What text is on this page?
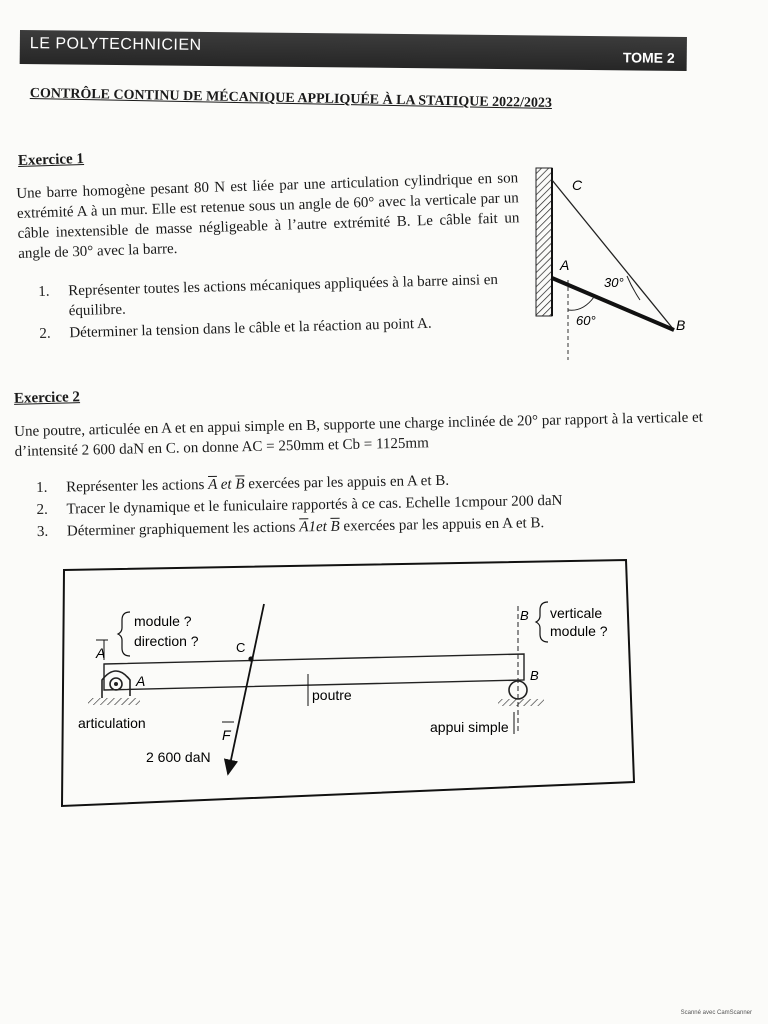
LE POLYTECHNICIEN
TOME 2
CONTRÔLE CONTINU DE MÉCANIQUE APPLIQUÉE À LA STATIQUE 2022/2023
Exercice 1
Une barre homogène pesant 80 N est liée par une articulation cylindrique en son extrémité A à un mur. Elle est retenue sous un angle de 60° avec la verticale par un câble inextensible de masse négligeable à l’autre extrémité B. Le câble fait un angle de 30° avec la barre.
1. Représenter toutes les actions mécaniques appliquées à la barre ainsi en équilibre.
2. Déterminer la tension dans le câble et la réaction au point A.
C
A
B
30°
60°
Exercice 2
Une poutre, articulée en A et en appui simple en B, supporte une charge inclinée de 20° par rapport à la verticale et d’intensité 2 600 daN en C. on donne AC = 250mm et Cb = 1125mm
1. Représenter les actions $\overline{A}$ et $\overline{B}$ exercées par les appuis en A et B.
2. Tracer le dynamique et le funiculaire rapportés à ce cas. Echelle 1cmpour 200 daN
3. Déterminer graphiquement les actions $\overline{A}1et$ $\overline{B}$ exercées par les appuis en A et B.
A
module ?
direction ?	C
A	B
B verticale
module ?
poutre
articulation	appui simple
F
2 600 daN
Scanné avec CamScanner
